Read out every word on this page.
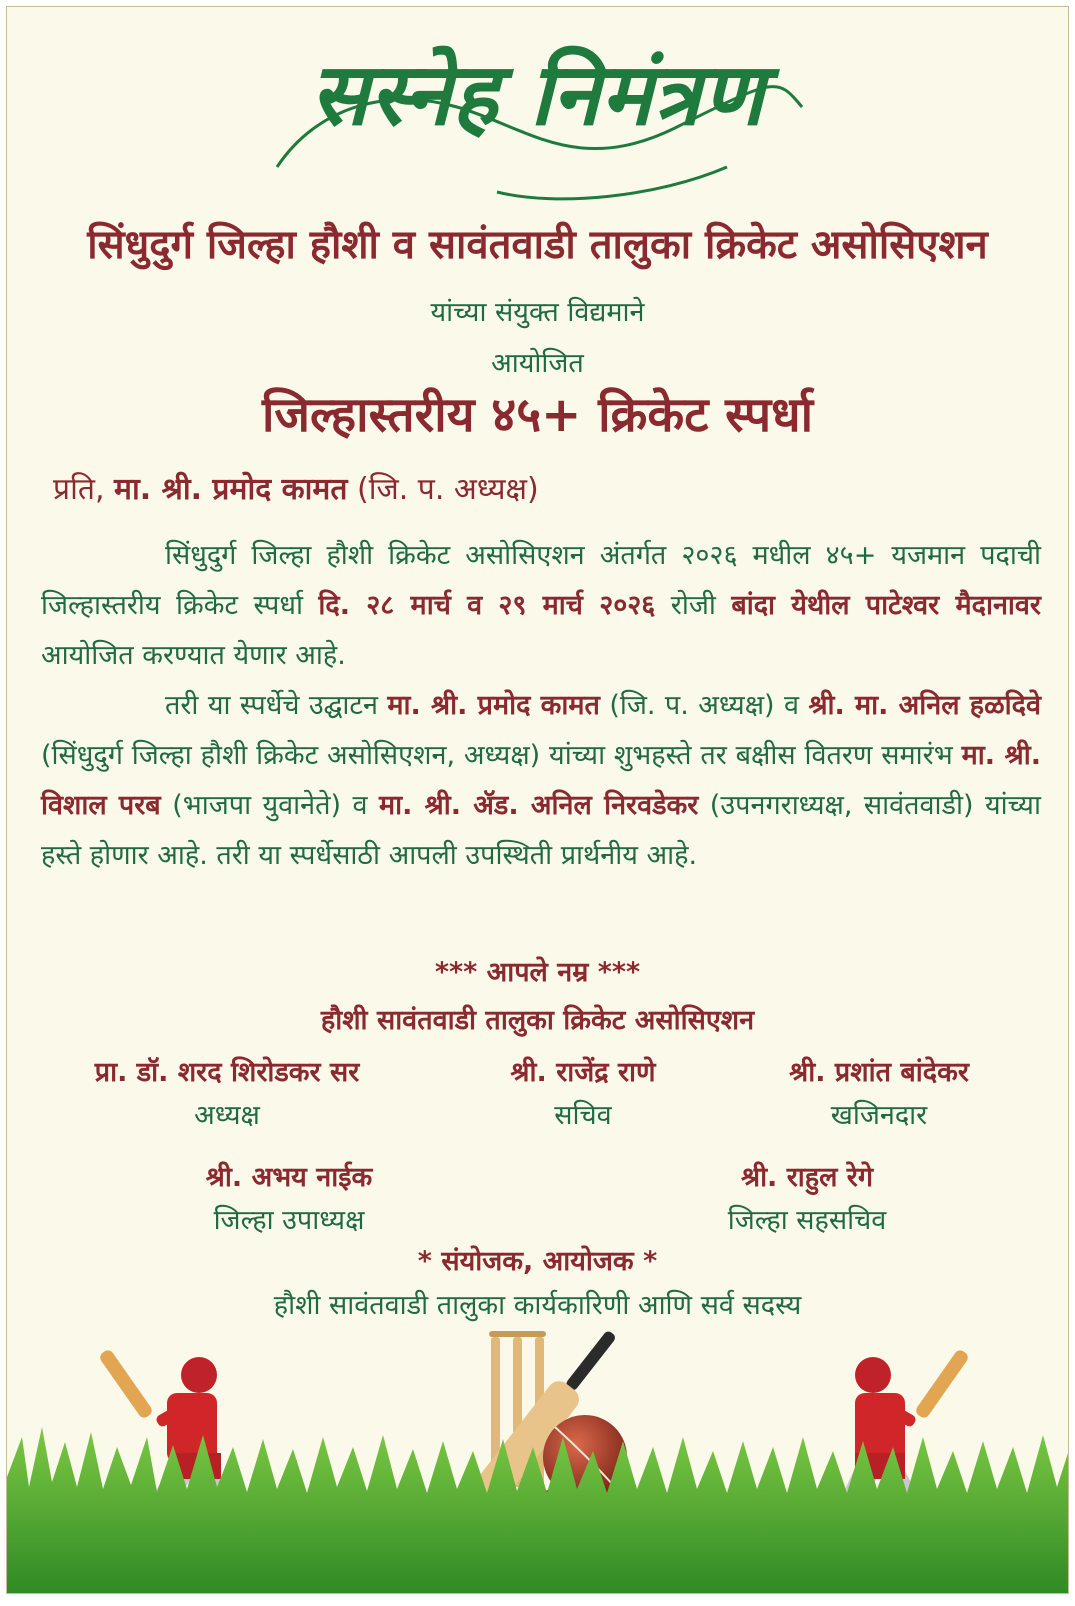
सस्नेह निमंत्रण
सिंधुदुर्ग जिल्हा हौशी व सावंतवाडी तालुका क्रिकेट असोसिएशन
यांच्या संयुक्त विद्यमाने
आयोजित
जिल्हास्तरीय ४५+ क्रिकेट स्पर्धा
प्रति, मा. श्री. प्रमोद कामत (जि. प. अध्यक्ष)

सिंधुदुर्ग जिल्हा हौशी क्रिकेट असोसिएशन अंतर्गत २०२६ मधील ४५+ यजमान पदाची जिल्हास्तरीय क्रिकेट स्पर्धा दि. २८ मार्च व २९ मार्च २०२६ रोजी बांदा येथील पाटेश्वर मैदानावर आयोजित करण्यात येणार आहे.

तरी या स्पर्धेचे उद्घाटन मा. श्री. प्रमोद कामत (जि. प. अध्यक्ष) व श्री. मा. अनिल हळदिवे (सिंधुदुर्ग जिल्हा हौशी क्रिकेट असोसिएशन, अध्यक्ष) यांच्या शुभहस्ते तर बक्षीस वितरण समारंभ मा. श्री. विशाल परब (भाजपा युवानेते) व मा. श्री. ॲड. अनिल निरवडेकर (उपनगराध्यक्ष, सावंतवाडी) यांच्या हस्ते होणार आहे. तरी या स्पर्धेसाठी आपली उपस्थिती प्रार्थनीय आहे.

*** आपले नम्र ***
हौशी सावंतवाडी तालुका क्रिकेट असोसिएशन
प्रा. डॉ. शरद शिरोडकर सर
अध्यक्ष
श्री. राजेंद्र राणे
सचिव
श्री. प्रशांत बांदेकर
खजिनदार
श्री. अभय नाईक
जिल्हा उपाध्यक्ष
श्री. राहुल रेगे
जिल्हा सहसचिव
* संयोजक, आयोजक *
हौशी सावंतवाडी तालुका कार्यकारिणी आणि सर्व सदस्य
